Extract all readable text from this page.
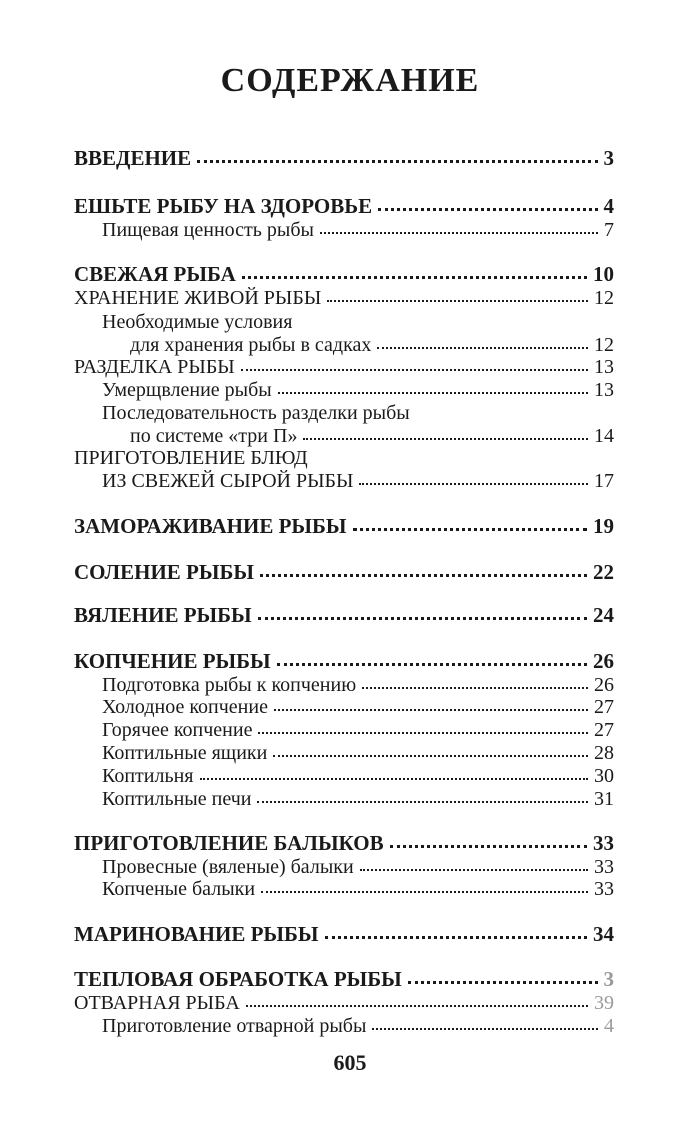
СОДЕРЖАНИЕ
ВВЕДЕНИЕ	3
ЕШЬТЕ РЫБУ НА ЗДОРОВЬЕ	4
Пищевая ценность рыбы	7
СВЕЖАЯ РЫБА	10
ХРАНЕНИЕ ЖИВОЙ РЫБЫ	12
Необходимые условия
для хранения рыбы в садках	12
РАЗДЕЛКА РЫБЫ	13
Умерщвление рыбы	13
Последовательность разделки рыбы
по системе «три П»	14
ПРИГОТОВЛЕНИЕ БЛЮД
ИЗ СВЕЖЕЙ СЫРОЙ РЫБЫ	17
ЗАМОРАЖИВАНИЕ РЫБЫ	19
СОЛЕНИЕ РЫБЫ	22
ВЯЛЕНИЕ РЫБЫ	24
КОПЧЕНИЕ РЫБЫ	26
Подготовка рыбы к копчению	26
Холодное копчение	27
Горячее копчение	27
Коптильные ящики	28
Коптильня	30
Коптильные печи	31
ПРИГОТОВЛЕНИЕ БАЛЫКОВ	33
Провесные (вяленые) балыки	33
Копченые балыки	33
МАРИНОВАНИЕ РЫБЫ	34
ТЕПЛОВАЯ ОБРАБОТКА РЫБЫ	3
ОТВАРНАЯ РЫБА	39
Приготовление отварной рыбы	4
605
